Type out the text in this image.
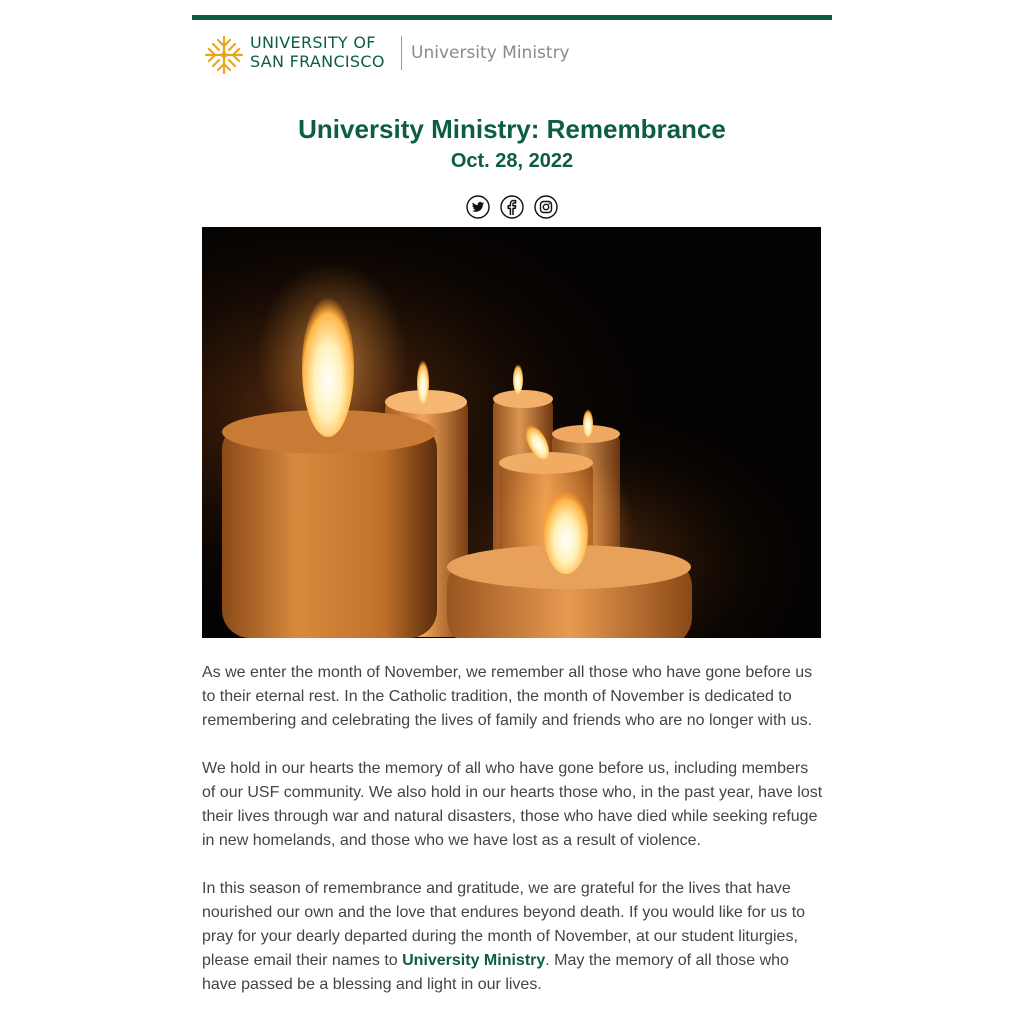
UNIVERSITY OF
SAN FRANCISCO University Ministry
University Ministry: Remembrance
Oct. 28, 2022

As we enter the month of November, we remember all those who have gone before us to their eternal rest. In the Catholic tradition, the month of November is dedicated to remembering and celebrating the lives of family and friends who are no longer with us.

We hold in our hearts the memory of all who have gone before us, including members of our USF community. We also hold in our hearts those who, in the past year, have lost their lives through war and natural disasters, those who have died while seeking refuge in new homelands, and those who we have lost as a result of violence.

In this season of remembrance and gratitude, we are grateful for the lives that have nourished our own and the love that endures beyond death. If you would like for us to pray for your dearly departed during the month of November, at our student liturgies, please email their names to University Ministry. May the memory of all those who have passed be a blessing and light in our lives.
